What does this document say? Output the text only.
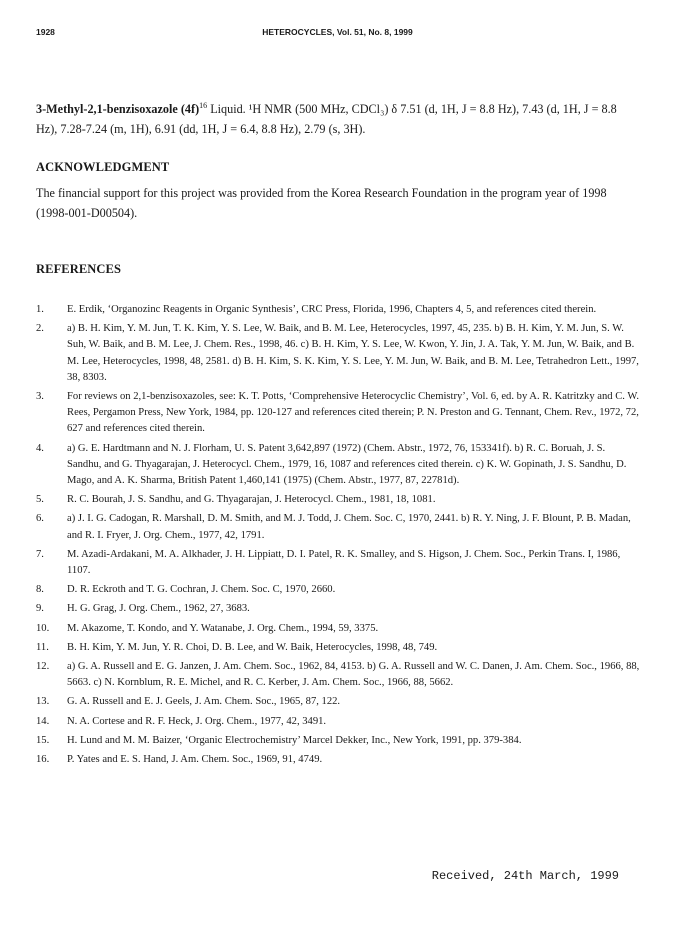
1928	HETEROCYCLES, Vol. 51, No. 8, 1999

3-Methyl-2,1-benzisoxazole $(4f)^{16}$ Liquid. ¹H NMR (500 MHz, CDCl₃) δ 7.51 (d, 1H, J = 8.8 Hz), 7.43 (d, 1H, J = 8.8 Hz), 7.28-7.24 (m, 1H), 6.91 (dd, 1H, J = 6.4, 8.8 Hz), 2.79 (s, 3H).

ACKNOWLEDGMENT

The financial support for this project was provided from the Korea Research Foundation in the program year of 1998 (1998-001-D00504).

REFERENCES
1. E. Erdik, ‘Organozinc Reagents in Organic Synthesis’, CRC Press, Florida, 1996, Chapters 4, 5, and references cited therein.
2. a) B. H. Kim, Y. M. Jun, T. K. Kim, Y. S. Lee, W. Baik, and B. M. Lee, Heterocycles, 1997, 45, 235. b) B. H. Kim, Y. M. Jun, S. W. Suh, W. Baik, and B. M. Lee, J. Chem. Res., 1998, 46. c) B. H. Kim, Y. S. Lee, W. Kwon, Y. Jin, J. A. Tak, Y. M. Jun, W. Baik, and B. M. Lee, Heterocycles, 1998, 48, 2581. d) B. H. Kim, S. K. Kim, Y. S. Lee, Y. M. Jun, W. Baik, and B. M. Lee, Tetrahedron Lett., 1997, 38, 8303.
3. For reviews on 2,1-benzisoxazoles, see: K. T. Potts, ‘Comprehensive Heterocyclic Chemistry’, Vol. 6, ed. by A. R. Katritzky and C. W. Rees, Pergamon Press, New York, 1984, pp. 120-127 and references cited therein; P. N. Preston and G. Tennant, Chem. Rev., 1972, 72, 627 and references cited therein.
4. a) G. E. Hardtmann and N. J. Florham, U. S. Patent 3,642,897 (1972) (Chem. Abstr., 1972, 76, 153341f). b) R. C. Boruah, J. S. Sandhu, and G. Thyagarajan, J. Heterocycl. Chem., 1979, 16, 1087 and references cited therein. c) K. W. Gopinath, J. S. Sandhu, D. Mago, and A. K. Sharma, British Patent 1,460,141 (1975) (Chem. Abstr., 1977, 87, 22781d).
5. R. C. Bourah, J. S. Sandhu, and G. Thyagarajan, J. Heterocycl. Chem., 1981, 18, 1081.
6. a) J. I. G. Cadogan, R. Marshall, D. M. Smith, and M. J. Todd, J. Chem. Soc. C, 1970, 2441. b) R. Y. Ning, J. F. Blount, P. B. Madan, and R. I. Fryer, J. Org. Chem., 1977, 42, 1791.
7. M. Azadi-Ardakani, M. A. Alkhader, J. H. Lippiatt, D. I. Patel, R. K. Smalley, and S. Higson, J. Chem. Soc., Perkin Trans. I, 1986, 1107.
8. D. R. Eckroth and T. G. Cochran, J. Chem. Soc. C, 1970, 2660.
9. H. G. Grag, J. Org. Chem., 1962, 27, 3683.
10. M. Akazome, T. Kondo, and Y. Watanabe, J. Org. Chem., 1994, 59, 3375.
11. B. H. Kim, Y. M. Jun, Y. R. Choi, D. B. Lee, and W. Baik, Heterocycles, 1998, 48, 749.
12. a) G. A. Russell and E. G. Janzen, J. Am. Chem. Soc., 1962, 84, 4153. b) G. A. Russell and W. C. Danen, J. Am. Chem. Soc., 1966, 88, 5663. c) N. Kornblum, R. E. Michel, and R. C. Kerber, J. Am. Chem. Soc., 1966, 88, 5662.
13. G. A. Russell and E. J. Geels, J. Am. Chem. Soc., 1965, 87, 122.
14. N. A. Cortese and R. F. Heck, J. Org. Chem., 1977, 42, 3491.
15. H. Lund and M. M. Baizer, ‘Organic Electrochemistry’ Marcel Dekker, Inc., New York, 1991, pp. 379-384.
16. P. Yates and E. S. Hand, J. Am. Chem. Soc., 1969, 91, 4749.
Received, 24th March, 1999
